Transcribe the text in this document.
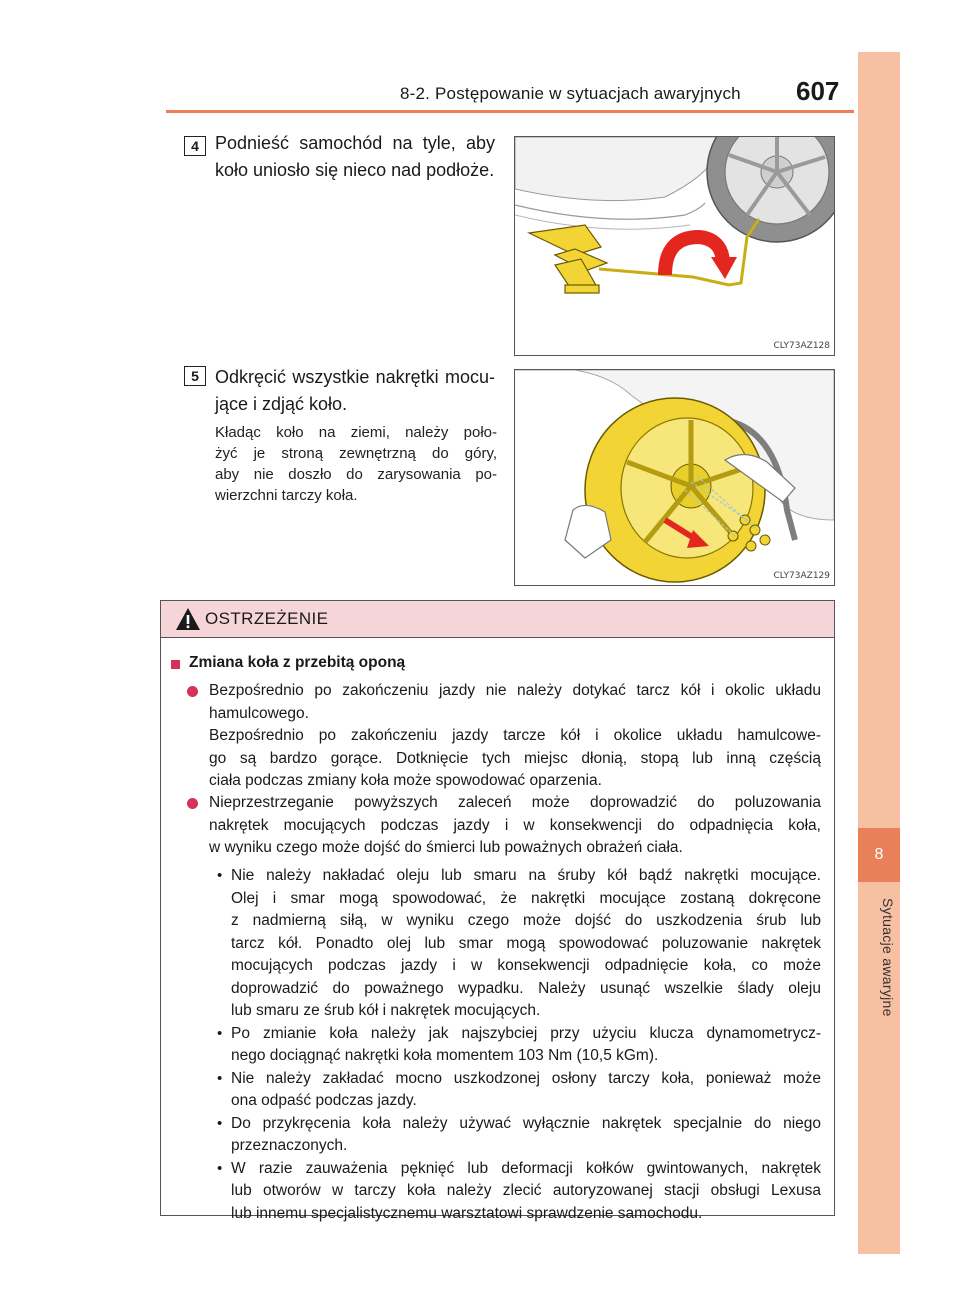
8-2. Postępowanie w sytuacjach awaryjnych 607
8
Sytuacje awaryjne
4 Podnieść samochód na tyle, aby
koło uniosło się nieco nad podłoże.
CLY73AZ128
5 Odkręcić wszystkie nakrętki mocu-
jące i zdjąć koło.
Kładąc koło na ziemi, należy poło-
żyć je stroną zewnętrzną do góry,
aby nie doszło do zarysowania po-
wierzchni tarczy koła.
CLY73AZ129
OSTRZEŻENIE
Zmiana koła z przebitą oponą
Bezpośrednio po zakończeniu jazdy nie należy dotykać tarcz kół i okolic układu
hamulcowego.
Bezpośrednio po zakończeniu jazdy tarcze kół i okolice układu hamulcowe-
go są bardzo gorące. Dotknięcie tych miejsc dłonią, stopą lub inną częścią
ciała podczas zmiany koła może spowodować oparzenia.
Nieprzestrzeganie powyższych zaleceń może doprowadzić do poluzowania
nakrętek mocujących podczas jazdy i w konsekwencji do odpadnięcia koła,
w wyniku czego może dojść do śmierci lub poważnych obrażeń ciała.
• Nie należy nakładać oleju lub smaru na śruby kół bądź nakrętki mocujące.
Olej i smar mogą spowodować, że nakrętki mocujące zostaną dokręcone
z nadmierną siłą, w wyniku czego może dojść do uszkodzenia śrub lub
tarcz kół. Ponadto olej lub smar mogą spowodować poluzowanie nakrętek
mocujących podczas jazdy i w konsekwencji odpadnięcie koła, co może
doprowadzić do poważnego wypadku. Należy usunąć wszelkie ślady oleju
lub smaru ze śrub kół i nakrętek mocujących.
• Po zmianie koła należy jak najszybciej przy użyciu klucza dynamometrycz-
nego dociągnąć nakrętki koła momentem 103 Nm (10,5 kGm).
• Nie należy zakładać mocno uszkodzonej osłony tarczy koła, ponieważ może
ona odpaść podczas jazdy.
• Do przykręcenia koła należy używać wyłącznie nakrętek specjalnie do niego
przeznaczonych.
• W razie zauważenia pęknięć lub deformacji kołków gwintowanych, nakrętek
lub otworów w tarczy koła należy zlecić autoryzowanej stacji obsługi Lexusa
lub innemu specjalistycznemu warsztatowi sprawdzenie samochodu.
